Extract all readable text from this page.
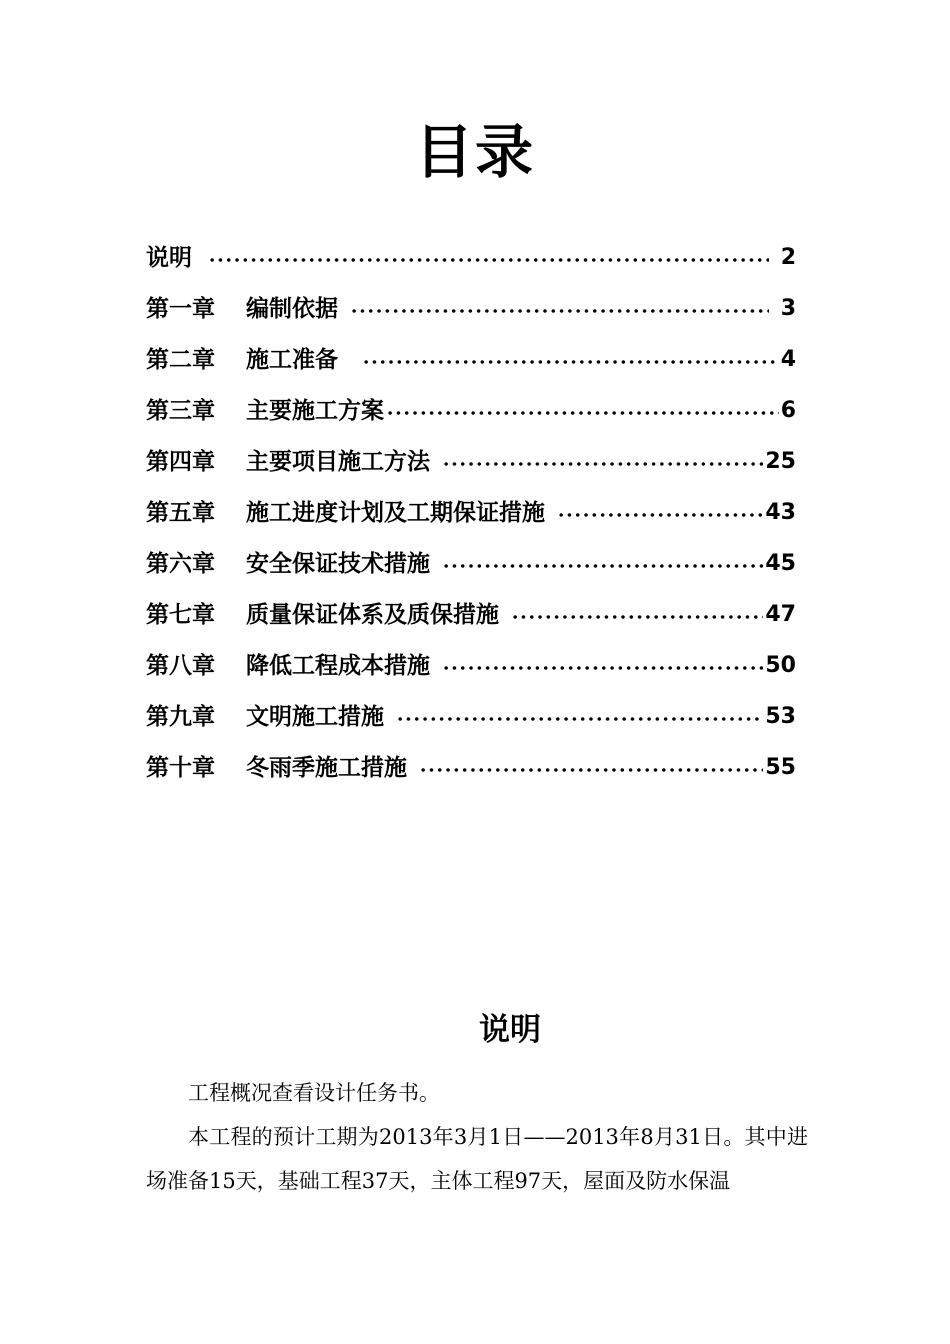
目录
说明	2
第一章	编制依据	3
第二章	施工准备	4
第三章	主要施工方案	6
第四章	主要项目施工方法	25
第五章	施工进度计划及工期保证措施	43
第六章	安全保证技术措施	45
第七章	质量保证体系及质保措施	47
第八章	降低工程成本措施	50
第九章	文明施工措施	53
第十章	冬雨季施工措施	55
说明
工程概况查看设计任务书。
本工程的预计工期为2013年3月1日——2013年8月31日。其中进场准备15天，基础工程37天，主体工程97天，屋面及防水保温
